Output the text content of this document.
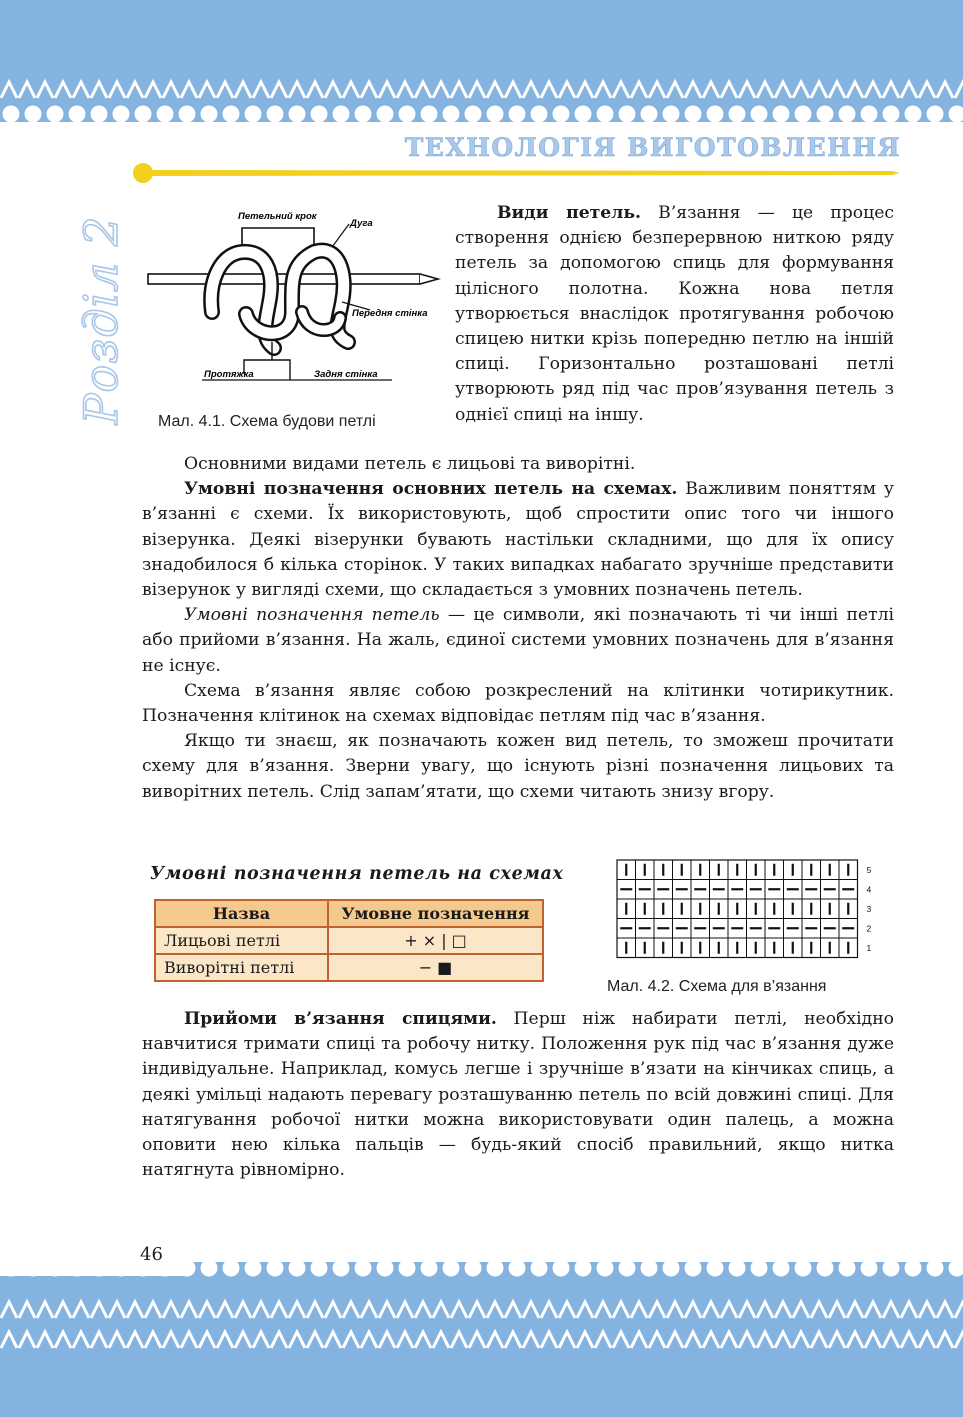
ТЕХНОЛОГІЯ ВИГОТОВЛЕННЯ
Розділ 2	Петельний крок
Дуга
Передня стінка
Протяжка	Задня стінка
Мал. 4.1. Схема будови петлі

Види петель. В’язання — це процес створення однією безперервною ниткою ряду петель за допомогою спиць для формування цілісного полотна. Кожна нова петля утворюється внаслідок протягування робочою спицею нитки крізь попередню петлю на іншій спиці. Горизонтально розташовані петлі утворюють ряд під час пров’язування петель з однієї спиці на іншу.

Основними видами петель є лицьові та виворітні.

Умовні позначення основних петель на схемах. Важливим поняттям у в’язанні є схеми. Їх використовують, щоб спростити опис того чи іншого візерунка. Деякі візерунки бувають настільки складними, що для їх опису знадобилося б кілька сторінок. У таких випадках набагато зручніше представити візерунок у вигляді схеми, що складається з умовних позначень петель.

Умовні позначення петель — це символи, які позначають ті чи інші петлі або прийоми в’язання. На жаль, єдиної системи умовних позначень для в’язання не існує.

Схема в’язання являє собою розкреслений на клітинки чотирикутник. Позначення клітинок на схемах відповідає петлям під час в’язання.

Якщо ти знаєш, як позначають кожен вид петель, то зможеш прочитати схему для в’язання. Зверни увагу, що існують різні позначення лицьових та виворітних петель. Слід запам’ятати, що схеми читають знизу вгору.

Умовні позначення петель на схемах
Назва	Умовне позначення
Лицьові петлі	+ × | □
Виворітні петлі	− ■
5
4
3
2
1
Мал. 4.2. Схема для в’язання

Прийоми в’язання спицями. Перш ніж набирати петлі, необхідно навчитися тримати спиці та робочу нитку. Положення рук під час в’язання дуже індивідуальне. Наприклад, комусь легше і зручніше в’язати на кінчиках спиць, а деякі умільці надають перевагу розташуванню петель по всій довжині спиці. Для натягування робочої нитки можна використовувати один палець, а можна оповити нею кілька пальців — будь-який спосіб правильний, якщо нитка натягнута рівномірно.

46
